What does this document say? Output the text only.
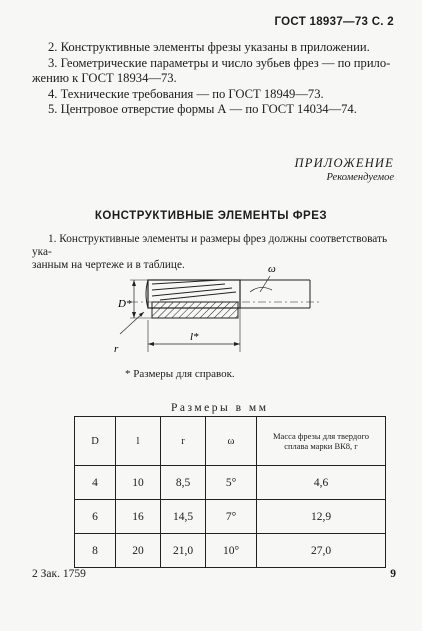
ГОСТ 18937—73 С. 2
2. Конструктивные элементы фрезы указаны в приложении.
3. Геометрические параметры и число зубьев фрез — по прило-
жению к ГОСТ 18934—73.
4. Технические требования — по ГОСТ 18949—73.
5. Центровое отверстие формы А — по ГОСТ 14034—74.
ПРИЛОЖЕНИЕ
Рекомендуемое
КОНСТРУКТИВНЫЕ ЭЛЕМЕНТЫ ФРЕЗ
1. Конструктивные элементы и размеры фрез должны соответствовать ука-
занным на чертеже и в таблице.
D*
l*
r
ω
* Размеры для справок.
Размеры в мм
D	l	r	ω	Масса фрезы для твердого сплава марки ВК8, г
4	10	8,5	5°	4,6
6	16	14,5	7°	12,9
8	20	21,0	10°	27,0
2 Зак. 1759	9
